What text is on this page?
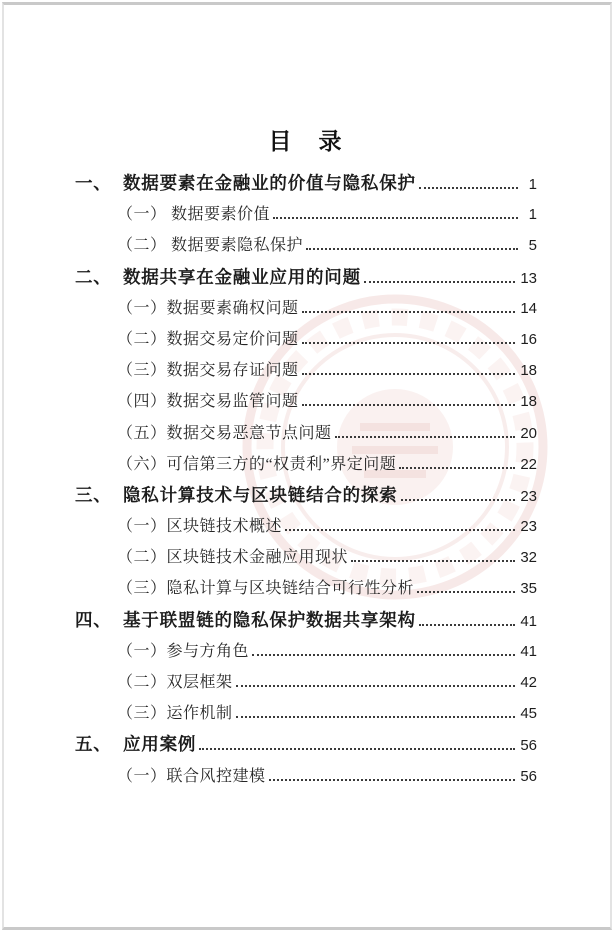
目　录
一、 数据要素在金融业的价值与隐私保护	1
（一） 数据要素价值	1
（二） 数据要素隐私保护	5
二、 数据共享在金融业应用的问题	13
（一） 数据要素确权问题	14
（二） 数据交易定价问题	16
（三） 数据交易存证问题	18
（四） 数据交易监管问题	18
（五） 数据交易恶意节点问题	20
（六） 可信第三方的“权责利”界定问题	22
三、 隐私计算技术与区块链结合的探索	23
（一） 区块链技术概述	23
（二） 区块链技术金融应用现状	32
（三） 隐私计算与区块链结合可行性分析	35
四、 基于联盟链的隐私保护数据共享架构	41
（一） 参与方角色	41
（二） 双层框架	42
（三） 运作机制	45
五、 应用案例	56
（一） 联合风控建模	56
